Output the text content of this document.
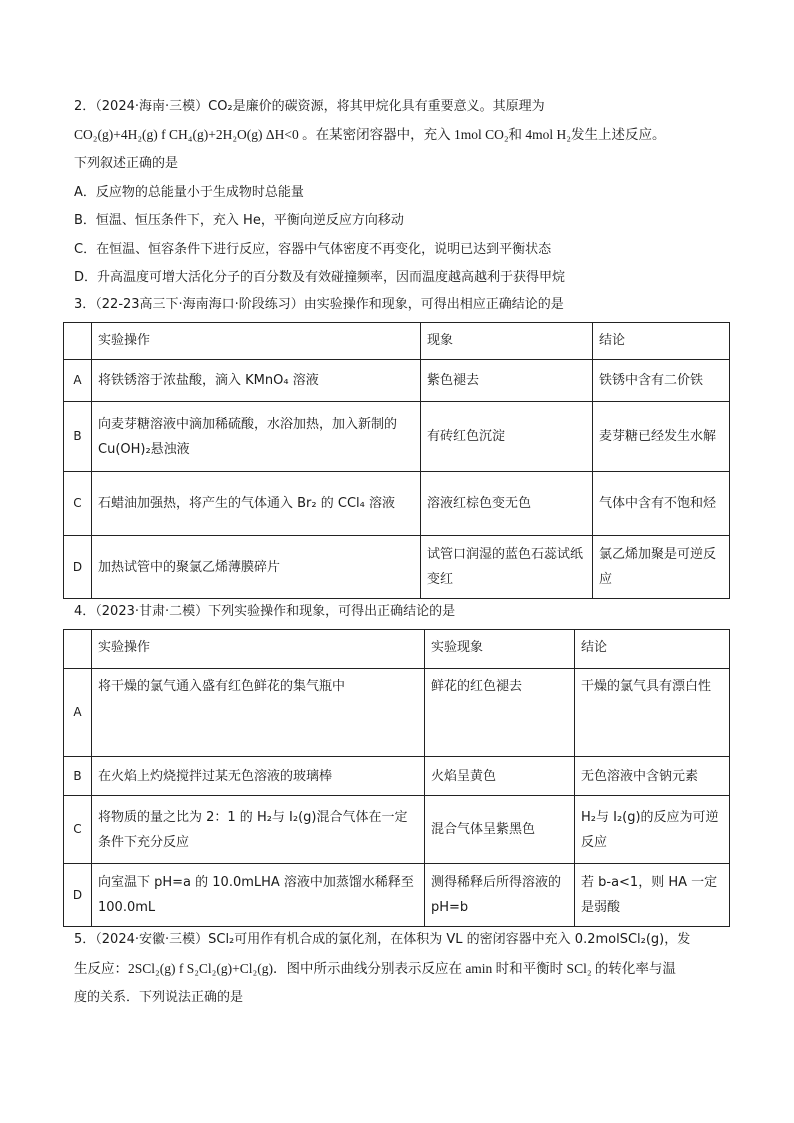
2．（2024·海南·三模）CO₂是廉价的碳资源，将其甲烷化具有重要意义。其原理为
CO₂(g)+4H₂(g) f CH₄(g)+2H₂O(g) ΔH<0 。在某密闭容器中，充入 1mol CO₂和 4mol H₂发生上述反应。
下列叙述正确的是
A．反应物的总能量小于生成物时总能量
B．恒温、恒压条件下，充入 He，平衡向逆反应方向移动
C．在恒温、恒容条件下进行反应，容器中气体密度不再变化，说明已达到平衡状态
D．升高温度可增大活化分子的百分数及有效碰撞频率，因而温度越高越利于获得甲烷
3．（22-23高三下·海南海口·阶段练习）由实验操作和现象，可得出相应正确结论的是
	实验操作	现象	结论
A	将铁锈溶于浓盐酸，滴入 KMnO₄ 溶液	紫色褪去	铁锈中含有二价铁
B	向麦芽糖溶液中滴加稀硫酸，水浴加热，加入新制的Cu(OH)₂悬浊液	有砖红色沉淀	麦芽糖已经发生水解
C	石蜡油加强热，将产生的气体通入 Br₂ 的 CCl₄ 溶液	溶液红棕色变无色	气体中含有不饱和烃
D	加热试管中的聚氯乙烯薄膜碎片	试管口润湿的蓝色石蕊试纸变红	氯乙烯加聚是可逆反应
4．（2023·甘肃·二模）下列实验操作和现象，可得出正确结论的是
	实验操作	实验现象	结论
A	将干燥的氯气通入盛有红色鲜花的集气瓶中	鲜花的红色褪去	干燥的氯气具有漂白性
B	在火焰上灼烧搅拌过某无色溶液的玻璃棒	火焰呈黄色	无色溶液中含钠元素
C	将物质的量之比为 2：1 的 H₂与 I₂(g)混合气体在一定条件下充分反应	混合气体呈紫黑色	H₂与 I₂(g)的反应为可逆反应
D	向室温下 pH=a 的 10.0mLHA 溶液中加蒸馏水稀释至 100.0mL	测得稀释后所得溶液的 pH=b	若 b-a<1，则 HA 一定是弱酸
5．（2024·安徽·三模）SCl₂可用作有机合成的氯化剂，在体积为 VL 的密闭容器中充入 0.2molSCl₂(g)，发
生反应：2SCl₂(g) f S₂Cl₂(g)+Cl₂(g)．图中所示曲线分别表示反应在 amin 时和平衡时 SCl₂ 的转化率与温
度的关系．下列说法正确的是
